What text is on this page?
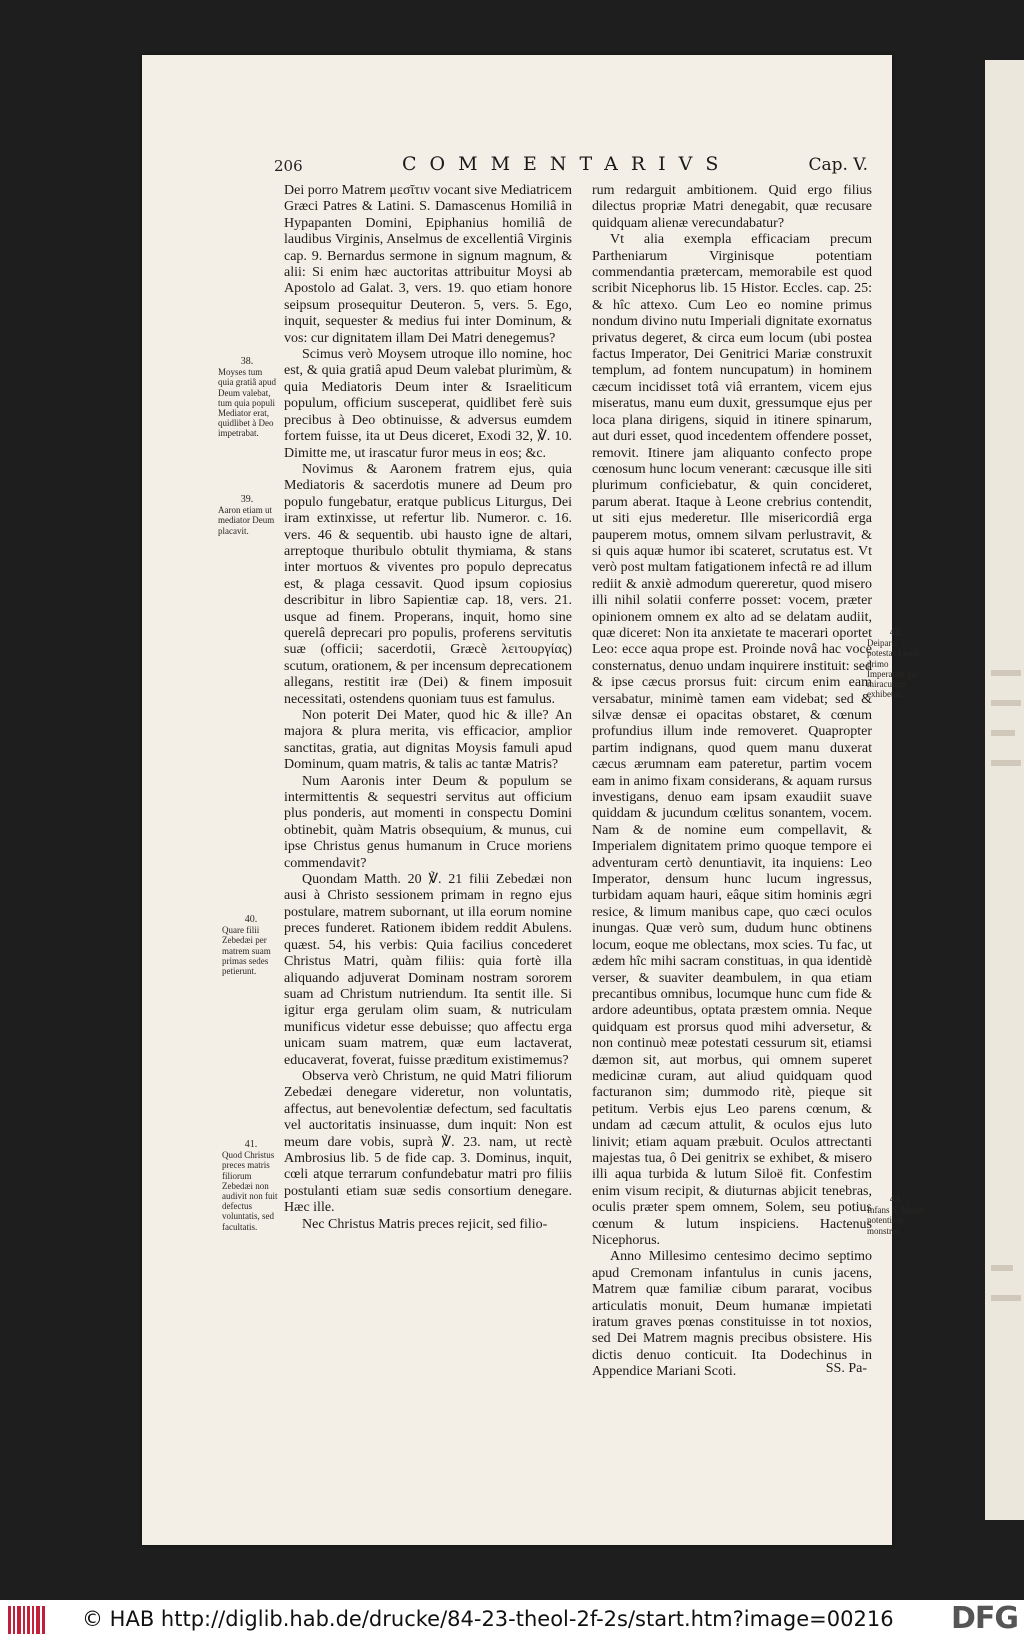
206	COMMENTARIVS	Cap. V.

Dei porro Matrem μεσῖτιν vocant sive Mediatricem Græci Patres & Latini. S. Damascenus Homiliâ in Hypapanten Domini, Epiphanius homiliâ de laudibus Virginis, Anselmus de excellentiâ Virginis cap. 9. Bernardus sermone in signum magnum, & alii: Si enim hæc auctoritas attribuitur Moysi ab Apostolo ad Galat. 3, vers. 19. quo etiam honore seipsum prosequitur Deuteron. 5, vers. 5. Ego, inquit, sequester & medius fui inter Dominum, & vos: cur dignitatem illam Dei Matri denegemus?

Scimus verò Moysem utroque illo nomine, hoc est, & quia gratiâ apud Deum valebat plurimùm, & quia Mediatoris Deum inter & Israeliticum populum, officium susceperat, quidlibet ferè suis precibus à Deo obtinuisse, & adversus eumdem fortem fuisse, ita ut Deus diceret, Exodi 32, ℣. 10. Dimitte me, ut irascatur furor meus in eos; &c.

Novimus & Aaronem fratrem ejus, quia Mediatoris & sacerdotis munere ad Deum pro populo fungebatur, eratque publicus Liturgus, Dei iram extinxisse, ut refertur lib. Numeror. c. 16. vers. 46 & sequentib. ubi hausto igne de altari, arreptoque thuribulo obtulit thymiama, & stans inter mortuos & viventes pro populo deprecatus est, & plaga cessavit. Quod ipsum copiosius describitur in libro Sapientiæ cap. 18, vers. 21. usque ad finem. Properans, inquit, homo sine querelâ deprecari pro populis, proferens servitutis suæ (officii; sacerdotii, Græcè λειτουργίας) scutum, orationem, & per incensum deprecationem allegans, restitit iræ (Dei) & finem imposuit necessitati, ostendens quoniam tuus est famulus.

Non poterit Dei Mater, quod hic & ille? An majora & plura merita, vis efficacior, amplior sanctitas, gratia, aut dignitas Moysis famuli apud Dominum, quam matris, & talis ac tantæ Matris?

Num Aaronis inter Deum & populum se intermittentis & sequestri servitus aut officium plus ponderis, aut momenti in conspectu Domini obtinebit, quàm Matris obsequium, & munus, cui ipse Christus genus humanum in Cruce moriens commendavit?

Quondam Matth. 20 ℣. 21 filii Zebedæi non ausi à Christo sessionem primam in regno ejus postulare, matrem subornant, ut illa eorum nomine preces funderet. Rationem ibidem reddit Abulens. quæst. 54, his verbis: Quia facilius concederet Christus Matri, quàm filiis: quia fortè illa aliquando adjuverat Dominam nostram sororem suam ad Christum nutriendum. Ita sentit ille. Si igitur erga gerulam olim suam, & nutriculam munificus videtur esse debuisse; quo affectu erga unicam suam matrem, quæ eum lactaverat, educaverat, foverat, fuisse præditum existimemus?

Observa verò Christum, ne quid Matri filiorum Zebedæi denegare videretur, non voluntatis, affectus, aut benevolentiæ defectum, sed facultatis vel auctoritatis insinuasse, dum inquit: Non est meum dare vobis, suprà ℣. 23. nam, ut rectè Ambrosius lib. 5 de fide cap. 3. Dominus, inquit, cœli atque terrarum confundebatur matri pro filiis postulanti etiam suæ sedis consortium denegare. Hæc ille.

Nec Christus Matris preces rejicit, sed filio-

rum redarguit ambitionem. Quid ergo filius dilectus propriæ Matri denegabit, quæ recusare quidquam alienæ verecundabatur?

Vt alia exempla efficaciam precum Partheniarum Virginisque potentiam commendantia prætercam, memorabile est quod scribit Nicephorus lib. 15 Histor. Eccles. cap. 25: & hîc attexo. Cum Leo eo nomine primus nondum divino nutu Imperiali dignitate exornatus privatus degeret, & circa eum locum (ubi postea factus Imperator, Dei Genitrici Mariæ construxit templum, ad fontem nuncupatum) in hominem cæcum incidisset totâ viâ errantem, vicem ejus miseratus, manu eum duxit, gressumque ejus per loca plana dirigens, siquid in itinere spinarum, aut duri esset, quod incedentem offendere posset, removit. Itinere jam aliquanto confecto prope cœnosum hunc locum venerant: cæcusque ille siti plurimum conficiebatur, & quin concideret, parum aberat. Itaque à Leone crebrius contendit, ut siti ejus mederetur. Ille misericordiâ erga pauperem motus, omnem silvam perlustravit, & si quis aquæ humor ibi scateret, scrutatus est. Vt verò post multam fatigationem infectâ re ad illum rediit & anxiè admodum quereretur, quod misero illi nihil solatii conferre posset: vocem, præter opinionem omnem ex alto ad se delatam audiit, quæ diceret: Non ita anxietate te macerari oportet Leo: ecce aqua prope est. Proinde novâ hac voce consternatus, denuo undam inquirere instituit: sed & ipse cæcus prorsus fuit: circum enim eam versabatur, minimè tamen eam videbat; sed & silvæ densæ ei opacitas obstaret, & cœnum profundius illum inde removeret. Quapropter partim indignans, quod quem manu duxerat cæcus ærumnam eam pateretur, partim vocem eam in animo fixam considerans, & aquam rursus investigans, denuo eam ipsam exaudiit suave quiddam & jucundum cœlitus sonantem, vocem. Nam & de nomine eum compellavit, & Imperialem dignitatem primo quoque tempore ei adventuram certò denuntiavit, ita inquiens: Leo Imperator, densum hunc lucum ingressus, turbidam aquam hauri, eâque sitim hominis ægri resice, & limum manibus cape, quo cæci oculos inungas. Quæ verò sum, dudum hunc obtinens locum, eoque me oblectans, mox scies. Tu fac, ut ædem hîc mihi sacram constituas, in qua identidè verser, & suaviter deambulem, in qua etiam precantibus omnibus, locumque hunc cum fide & ardore adeuntibus, optata præstem omnia. Neque quidquam est prorsus quod mihi adversetur, & non continuò meæ potestati cessurum sit, etiamsi dæmon sit, aut morbus, qui omnem superet medicinæ curam, aut aliud quidquam quod facturanon sim; dummodo ritè, pieque sit petitum. Verbis ejus Leo parens cœnum, & undam ad cæcum attulit, & oculos ejus luto linivit; etiam aquam præbuit. Oculos attrectanti majestas tua, ô Dei genitrix se exhibet, & misero illi aqua turbida & lutum Siloë fit. Confestim enim visum recipit, & diuturnas abjicit tenebras, oculis præter spem omnem, Solem, seu potius cœnum & lutum inspiciens. Hactenus Nicephorus.

Anno Millesimo centesimo decimo septimo apud Cremonam infantulus in cunis jacens, Matrem quæ familiæ cibum pararat, vocibus articulatis monuit, Deum humanæ impietati iratum graves pœnas constituisse in tot noxios, sed Dei Matrem magnis precibus obsistere. His dictis denuo conticuit. Ita Dodechinus in Appendice Mariani Scoti.

38.
Moyses tum quia gratiâ apud Deum valebat, tum quia populi Mediator erat, quidlibet à Deo impetrabat.
39.
Aaron etiam ut mediator Deum placavit.
40.
Quare filii Zebedæi per matrem suam primas sedes petierunt.
41.
Quod Christus preces matris filiorum Zebedæi non audivit non fuit defectus voluntatis, sed facultatis.
42.
Deiparæ potestas Leoni primo Imperatori per miraculum exhibetur.
43.
Infans S. Mariæ potentiam monstrat.
SS. Pa-
© HAB http://diglib.hab.de/drucke/84-23-theol-2f-2s/start.htm?image=00216 DFG
